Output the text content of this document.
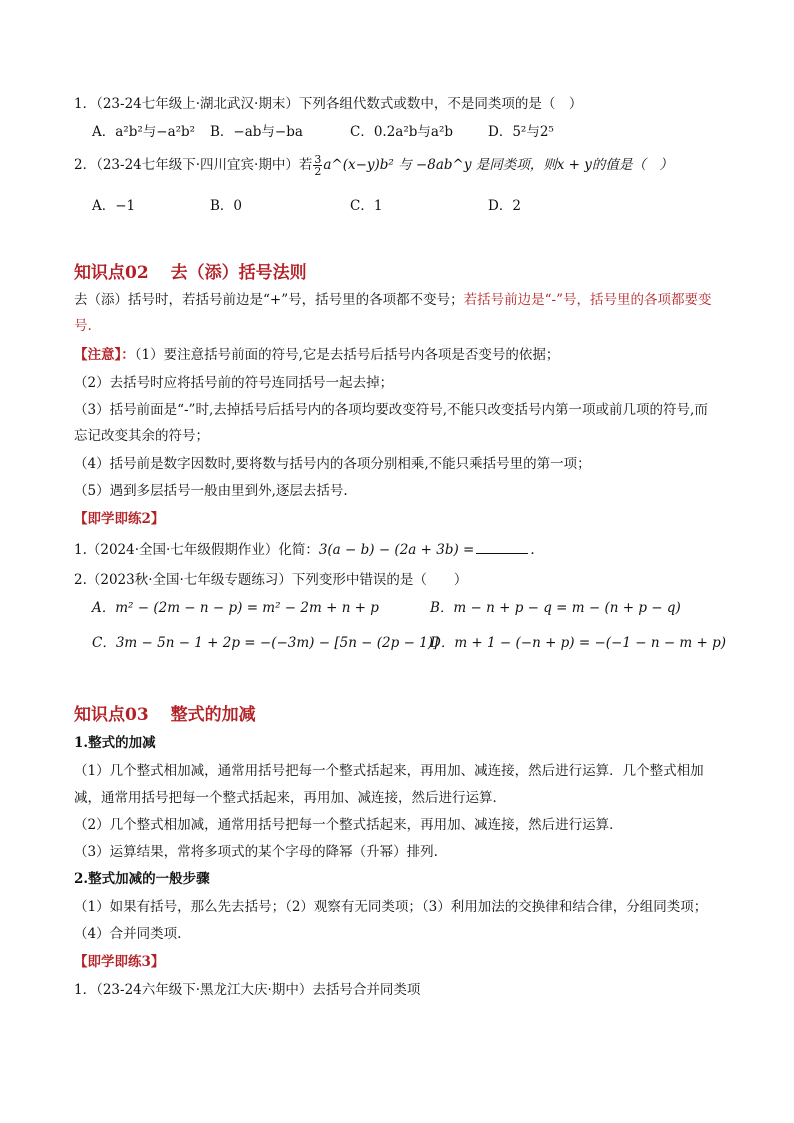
1．（23-24七年级上·湖北武汉·期末）下列各组代数式或数中，不是同类项的是（　）
A．a²b²与−a²b² B．−ab与−ba	C．0.2a²b与a²b	D．5²与2⁵
2．（23-24七年级下·四川宜宾·期中）若 $\frac{3}{2}$ a^(x−y)b² 与 −8ab^y 是同类项，则x + y的值是（　）
A．−1	B．0	C．1	D．2
知识点02 去（添）括号法则
去（添）括号时，若括号前边是“+”号，括号里的各项都不变号；若括号前边是“-”号，括号里的各项都要变
号.
【注意】：（1）要注意括号前面的符号,它是去括号后括号内各项是否变号的依据；
（2）去括号时应将括号前的符号连同括号一起去掉；
（3）括号前面是“-”时,去掉括号后括号内的各项均要改变符号,不能只改变括号内第一项或前几项的符号,而
忘记改变其余的符号；
（4）括号前是数字因数时,要将数与括号内的各项分别相乘,不能只乘括号里的第一项；
（5）遇到多层括号一般由里到外,逐层去括号.
【即学即练2】
1.（2024·全国·七年级假期作业）化简：3(a − b) − (2a + 3b) =	.
2.（2023秋·全国·七年级专题练习）下列变形中错误的是（　　）
A．m² − (2m − n − p) = m² − 2m + n + p	B．m − n + p − q = m − (n + p − q)
C．3m − 5n − 1 + 2p = −(−3m) − [5n − (2p − 1)]
D．m + 1 − (−n + p) = −(−1 − n − m + p)
知识点03 整式的加减
1.整式的加减
（1）几个整式相加减，通常用括号把每一个整式括起来，再用加、减连接，然后进行运算．几个整式相加
减，通常用括号把每一个整式括起来，再用加、减连接，然后进行运算．
（2）几个整式相加减，通常用括号把每一个整式括起来，再用加、减连接，然后进行运算．
（3）运算结果，常将多项式的某个字母的降幂（升幂）排列.
2.整式加减的一般步骤
（1）如果有括号，那么先去括号；（2）观察有无同类项；（3）利用加法的交换律和结合律，分组同类项；
（4）合并同类项.
【即学即练3】
1．（23-24六年级下·黑龙江大庆·期中）去括号合并同类项
